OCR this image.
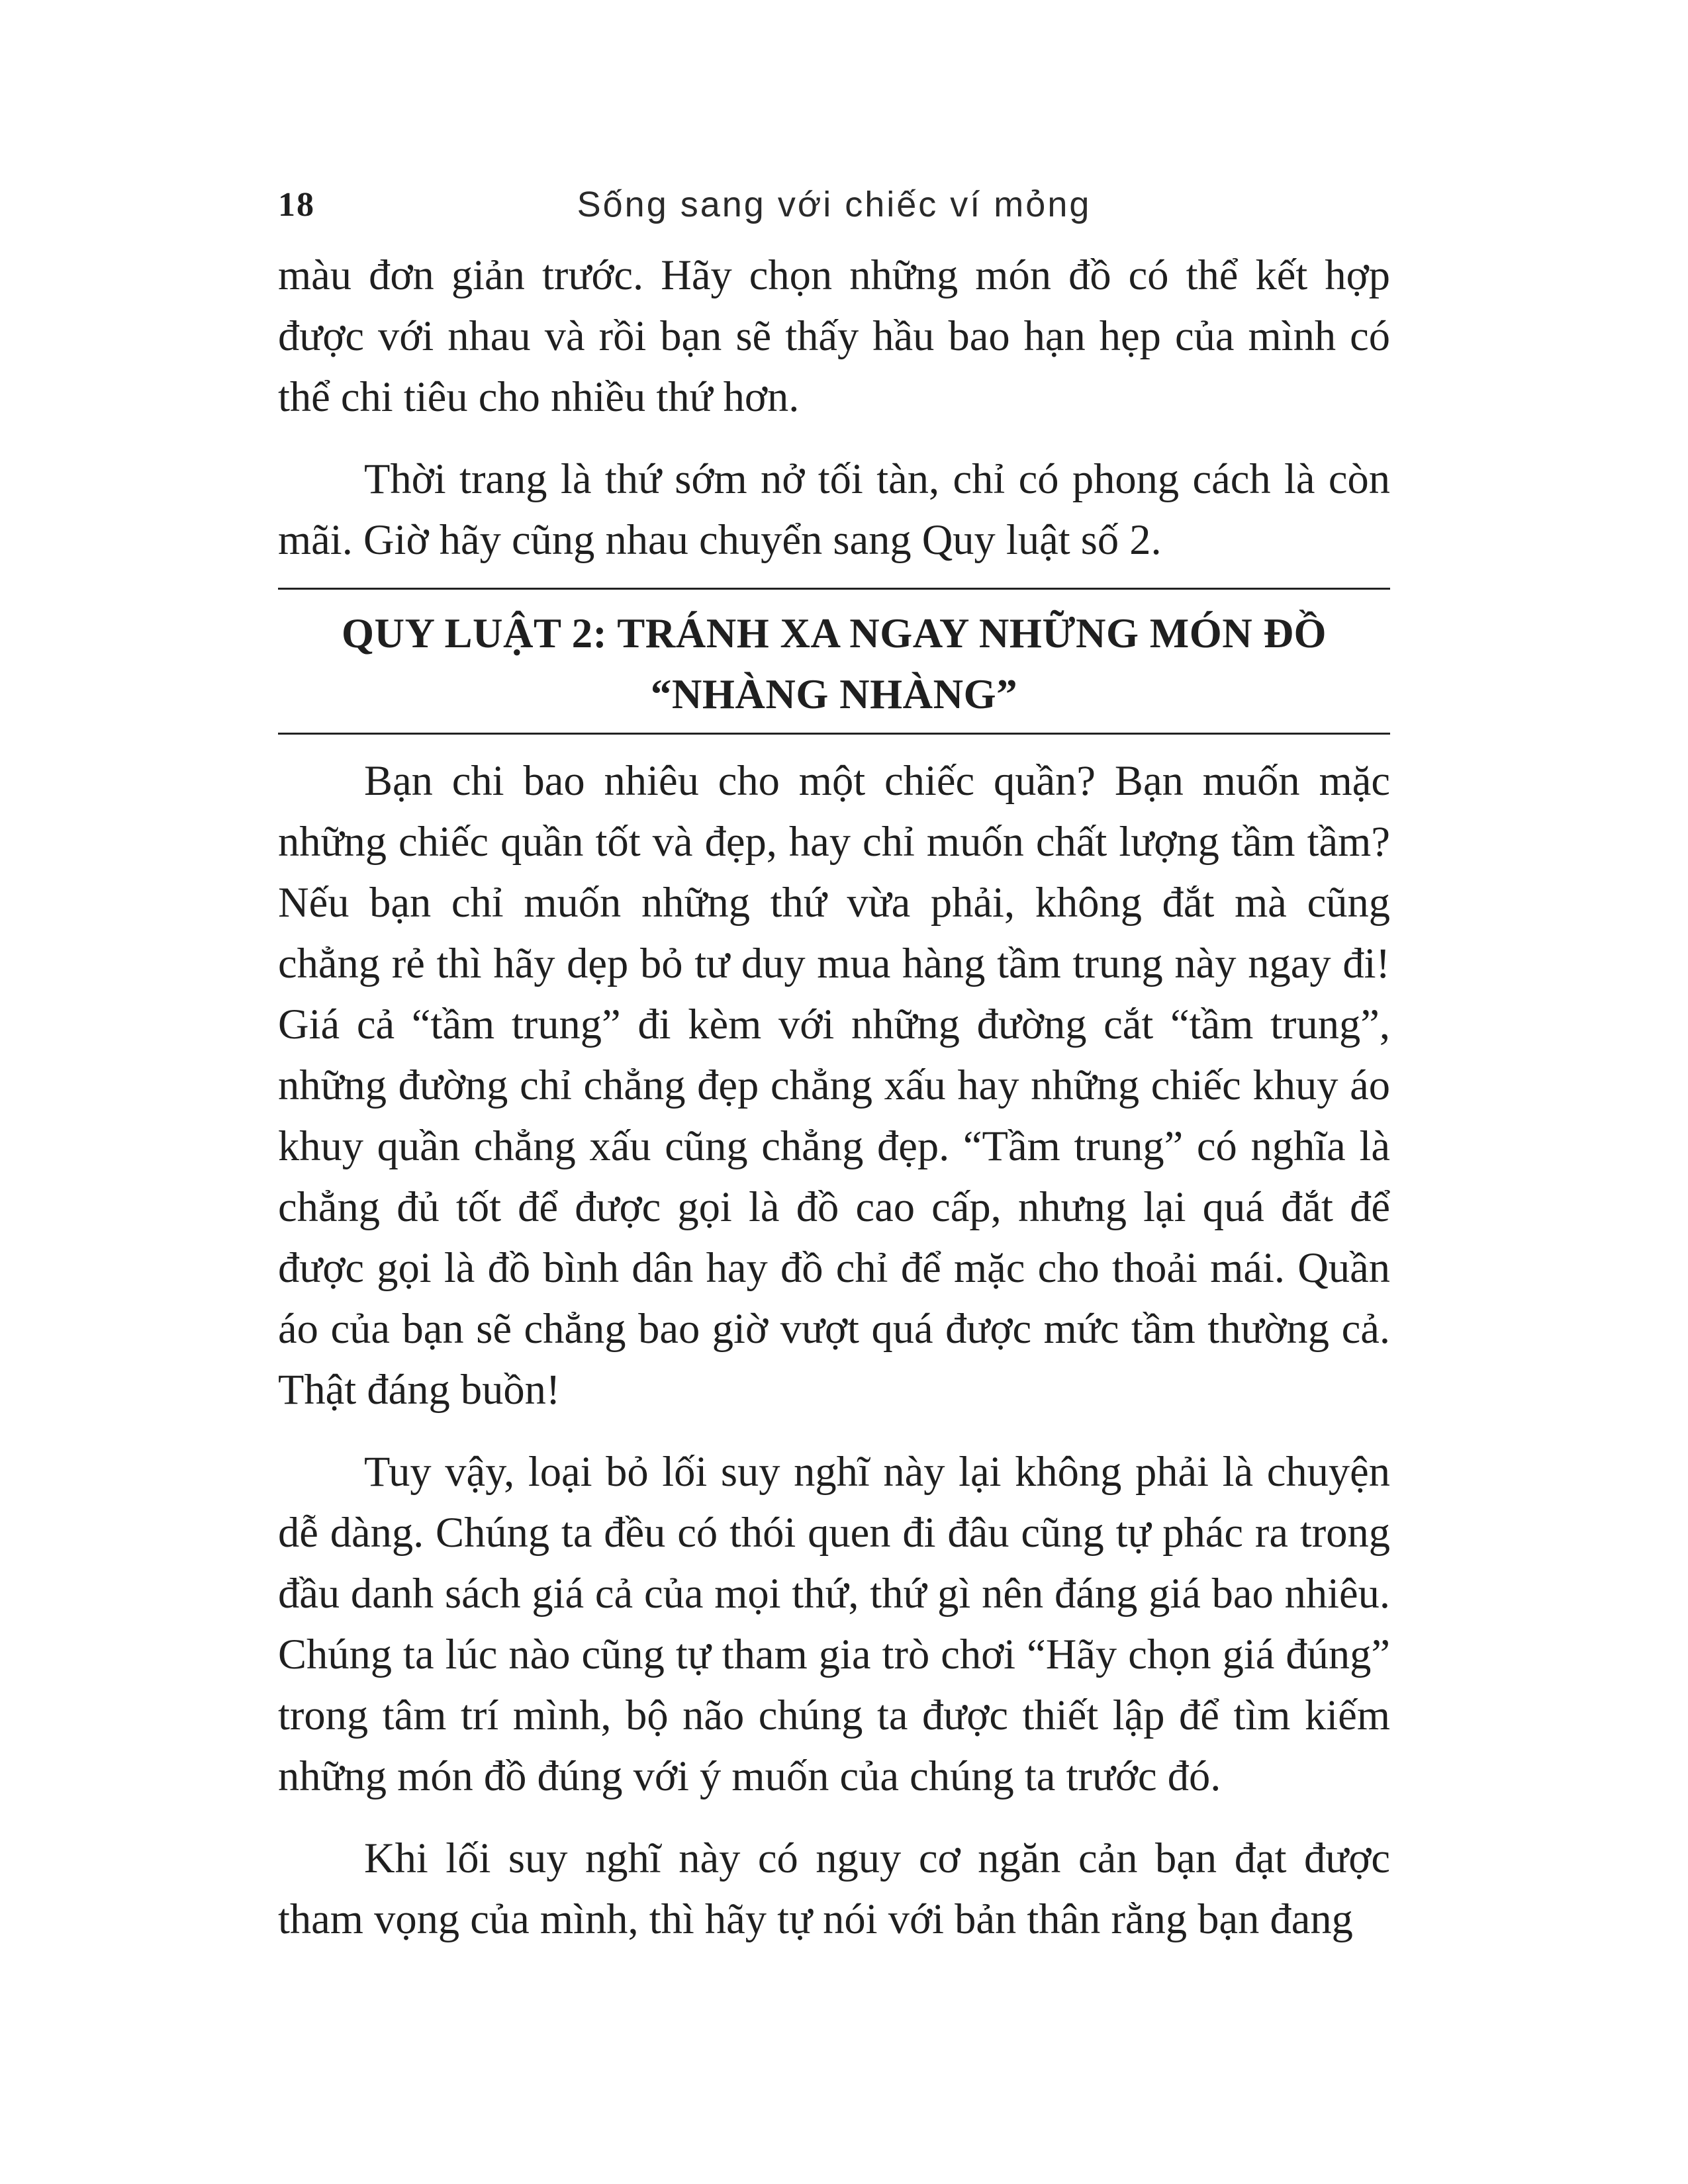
18	Sống sang với chiếc ví mỏng

màu đơn giản trước. Hãy chọn những món đồ có thể kết hợp được với nhau và rồi bạn sẽ thấy hầu bao hạn hẹp của mình có thể chi tiêu cho nhiều thứ hơn.

Thời trang là thứ sớm nở tối tàn, chỉ có phong cách là còn mãi. Giờ hãy cũng nhau chuyển sang Quy luật số 2.

QUY LUẬT 2: TRÁNH XA NGAY NHỮNG MÓN ĐỒ
“NHÀNG NHÀNG”

Bạn chi bao nhiêu cho một chiếc quần? Bạn muốn mặc những chiếc quần tốt và đẹp, hay chỉ muốn chất lượng tầm tầm? Nếu bạn chỉ muốn những thứ vừa phải, không đắt mà cũng chẳng rẻ thì hãy dẹp bỏ tư duy mua hàng tầm trung này ngay đi! Giá cả “tầm trung” đi kèm với những đường cắt “tầm trung”, những đường chỉ chẳng đẹp chẳng xấu hay những chiếc khuy áo khuy quần chẳng xấu cũng chẳng đẹp. “Tầm trung” có nghĩa là chẳng đủ tốt để được gọi là đồ cao cấp, nhưng lại quá đắt để được gọi là đồ bình dân hay đồ chỉ để mặc cho thoải mái. Quần áo của bạn sẽ chẳng bao giờ vượt quá được mức tầm thường cả. Thật đáng buồn!

Tuy vậy, loại bỏ lối suy nghĩ này lại không phải là chuyện dễ dàng. Chúng ta đều có thói quen đi đâu cũng tự phác ra trong đầu danh sách giá cả của mọi thứ, thứ gì nên đáng giá bao nhiêu. Chúng ta lúc nào cũng tự tham gia trò chơi “Hãy chọn giá đúng” trong tâm trí mình, bộ não chúng ta được thiết lập để tìm kiếm những món đồ đúng với ý muốn của chúng ta trước đó.

Khi lối suy nghĩ này có nguy cơ ngăn cản bạn đạt được tham vọng của mình, thì hãy tự nói với bản thân rằng bạn đang
